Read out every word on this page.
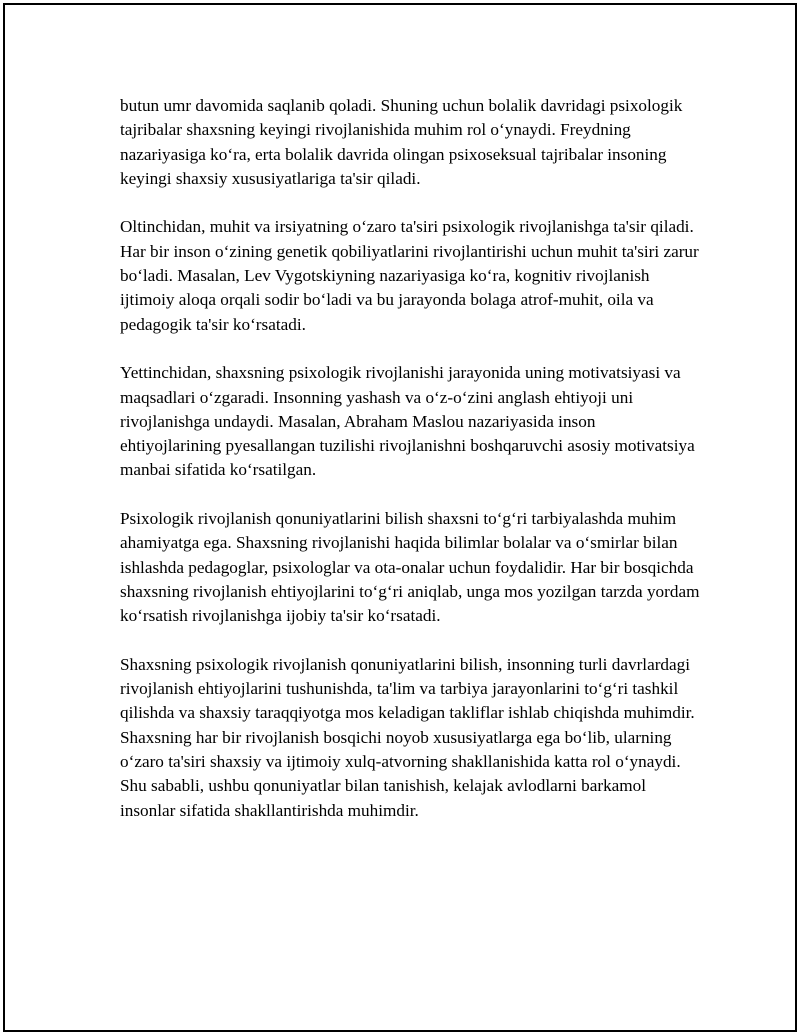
butun umr davomida saqlanib qoladi. Shuning uchun bolalik davridagi psixologik tajribalar shaxsning keyingi rivojlanishida muhim rol oʻynaydi. Freydning nazariyasiga koʻra, erta bolalik davrida olingan psixoseksual tajribalar insoning keyingi shaxsiy xususiyatlariga ta'sir qiladi.

Oltinchidan, muhit va irsiyatning oʻzaro ta'siri psixologik rivojlanishga ta'sir qiladi. Har bir inson oʻzining genetik qobiliyatlarini rivojlantirishi uchun muhit ta'siri zarur boʻladi. Masalan, Lev Vygotskiyning nazariyasiga koʻra, kognitiv rivojlanish ijtimoiy aloqa orqali sodir boʻladi va bu jarayonda bolaga atrof-muhit, oila va pedagogik ta'sir koʻrsatadi.

Yettinchidan, shaxsning psixologik rivojlanishi jarayonida uning motivatsiyasi va maqsadlari oʻzgaradi. Insonning yashash va oʻz-oʻzini anglash ehtiyoji uni rivojlanishga undaydi. Masalan, Abraham Maslou nazariyasida inson ehtiyojlarining pyesallangan tuzilishi rivojlanishni boshqaruvchi asosiy motivatsiya manbai sifatida koʻrsatilgan.

Psixologik rivojlanish qonuniyatlarini bilish shaxsni toʻgʻri tarbiyalashda muhim ahamiyatga ega. Shaxsning rivojlanishi haqida bilimlar bolalar va oʻsmirlar bilan ishlashda pedagoglar, psixologlar va ota-onalar uchun foydalidir. Har bir bosqichda shaxsning rivojlanish ehtiyojlarini toʻgʻri aniqlab, unga mos yozilgan tarzda yordam koʻrsatish rivojlanishga ijobiy ta'sir koʻrsatadi.

Shaxsning psixologik rivojlanish qonuniyatlarini bilish, insonning turli davrlardagi rivojlanish ehtiyojlarini tushunishda, ta'lim va tarbiya jarayonlarini toʻgʻri tashkil qilishda va shaxsiy taraqqiyotga mos keladigan takliflar ishlab chiqishda muhimdir. Shaxsning har bir rivojlanish bosqichi noyob xususiyatlarga ega boʻlib, ularning oʻzaro ta'siri shaxsiy va ijtimoiy xulq-atvorning shakllanishida katta rol oʻynaydi. Shu sababli, ushbu qonuniyatlar bilan tanishish, kelajak avlodlarni barkamol insonlar sifatida shakllantirishda muhimdir.
